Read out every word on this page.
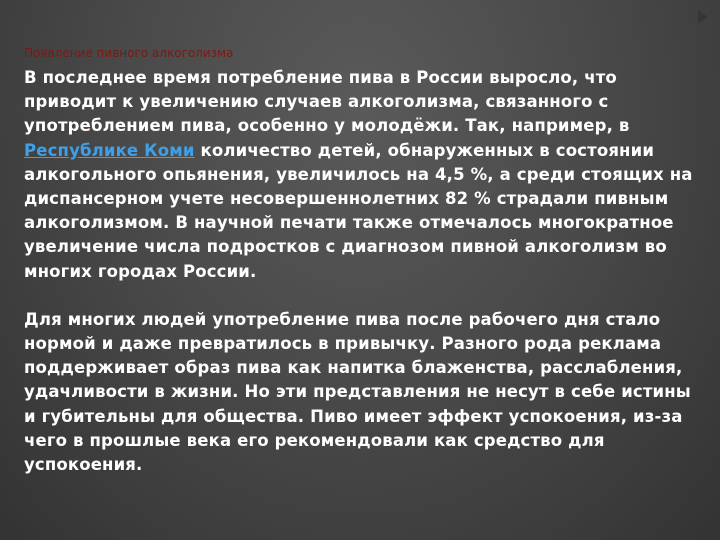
Появление пивного алкоголизма

В последнее время потребление пива в России выросло, что приводит к увеличению случаев алкоголизма, связанного с употреблением пива, особенно у молодёжи. Так, например, в Республике Коми количество детей, обнаруженных в состоянии алкогольного опьянения, увеличилось на 4,5 %, а среди стоящих на диспансерном учете несовершеннолетних 82 % страдали пивным алкоголизмом. В научной печати также отмечалось многократное увеличение числа подростков с диагнозом пивной алкоголизм во многих городах России.

Для многих людей употребление пива после рабочего дня стало нормой и даже превратилось в привычку. Разного рода реклама поддерживает образ пива как напитка блаженства, расслабления, удачливости в жизни. Но эти представления не несут в себе истины и губительны для общества. Пиво имеет эффект успокоения, из-за чего в прошлые века его рекомендовали как средство для успокоения.
